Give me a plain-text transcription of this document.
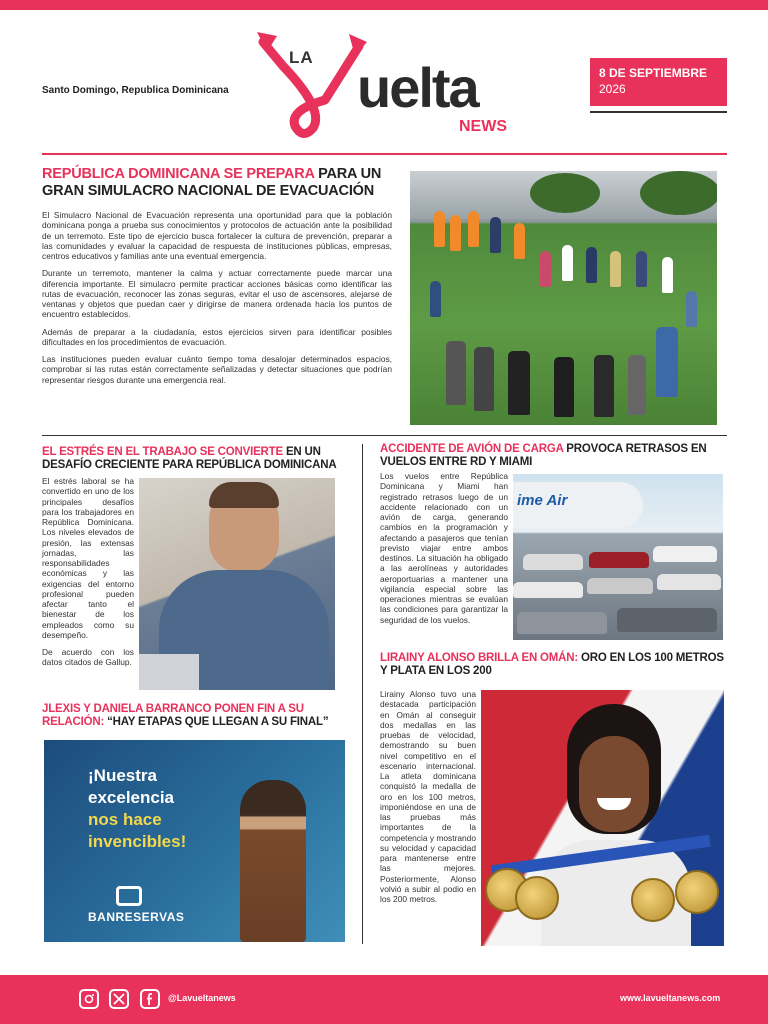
Santo Domingo, Republica Dominicana
LA uelta
NEWS
8 DE SEPTIEMBRE
2026
REPÚBLICA DOMINICANA SE PREPARA PARA UN GRAN SIMULACRO NACIONAL DE EVACUACIÓN

El Simulacro Nacional de Evacuación representa una oportunidad para que la población dominicana ponga a prueba sus conocimientos y protocolos de actuación ante la posibilidad de un terremoto. Este tipo de ejercicio busca fortalecer la cultura de prevención, preparar a las comunidades y evaluar la capacidad de respuesta de instituciones públicas, empresas, centros educativos y familias ante una eventual emergencia.

Durante un terremoto, mantener la calma y actuar correctamente puede marcar una diferencia importante. El simulacro permite practicar acciones básicas como identificar las rutas de evacuación, reconocer las zonas seguras, evitar el uso de ascensores, alejarse de ventanas y objetos que puedan caer y dirigirse de manera ordenada hacia los puntos de encuentro establecidos.

Además de preparar a la ciudadanía, estos ejercicios sirven para identificar posibles dificultades en los procedimientos de evacuación.

Las instituciones pueden evaluar cuánto tiempo toma desalojar determinados espacios, comprobar si las rutas están correctamente señalizadas y detectar situaciones que podrían representar riesgos durante una emergencia real.

EL ESTRÉS EN EL TRABAJO SE CONVIERTE EN UN DESAFÍO CRECIENTE PARA REPÚBLICA DOMINICANA

El estrés laboral se ha convertido en uno de los principales desafíos para los trabajadores en República Dominicana. Los niveles elevados de presión, las extensas jornadas, las responsabilidades económicas y las exigencias del entorno profesional pueden afectar tanto el bienestar de los empleados como su desempeño.

De acuerdo con los datos citados de Gallup.

JLEXIS Y DANIELA BARRANCO PONEN FIN A SU RELACIÓN: “HAY ETAPAS QUE LLEGAN A SU FINAL”
¡Nuestra
excelencia
nos hace
invencibles!
BANRESERVAS
ACCIDENTE DE AVIÓN DE CARGA PROVOCA RETRASOS EN VUELOS ENTRE RD Y MIAMI

Los vuelos entre República Dominicana y Miami han registrado retrasos luego de un accidente relacionado con un avión de carga, generando cambios en la programación y afectando a pasajeros que tenían previsto viajar entre ambos destinos. La situación ha obligado a las aerolíneas y autoridades aeroportuarias a mantener una vigilancia especial sobre las operaciones mientras se evalúan las condiciones para garantizar la seguridad de los vuelos.

ime Air
LIRAINY ALONSO BRILLA EN OMÁN: ORO EN LOS 100 METROS Y PLATA EN LOS 200

Lirainy Alonso tuvo una destacada participación en Omán al conseguir dos medallas en las pruebas de velocidad, demostrando su buen nivel competitivo en el escenario internacional. La atleta dominicana conquistó la medalla de oro en los 100 metros, imponiéndose en una de las pruebas más importantes de la competencia y mostrando su velocidad y capacidad para mantenerse entre las mejores. Posteriormente, Alonso volvió a subir al podio en los 200 metros.

@Lavueltanews	www.lavueltanews.com
